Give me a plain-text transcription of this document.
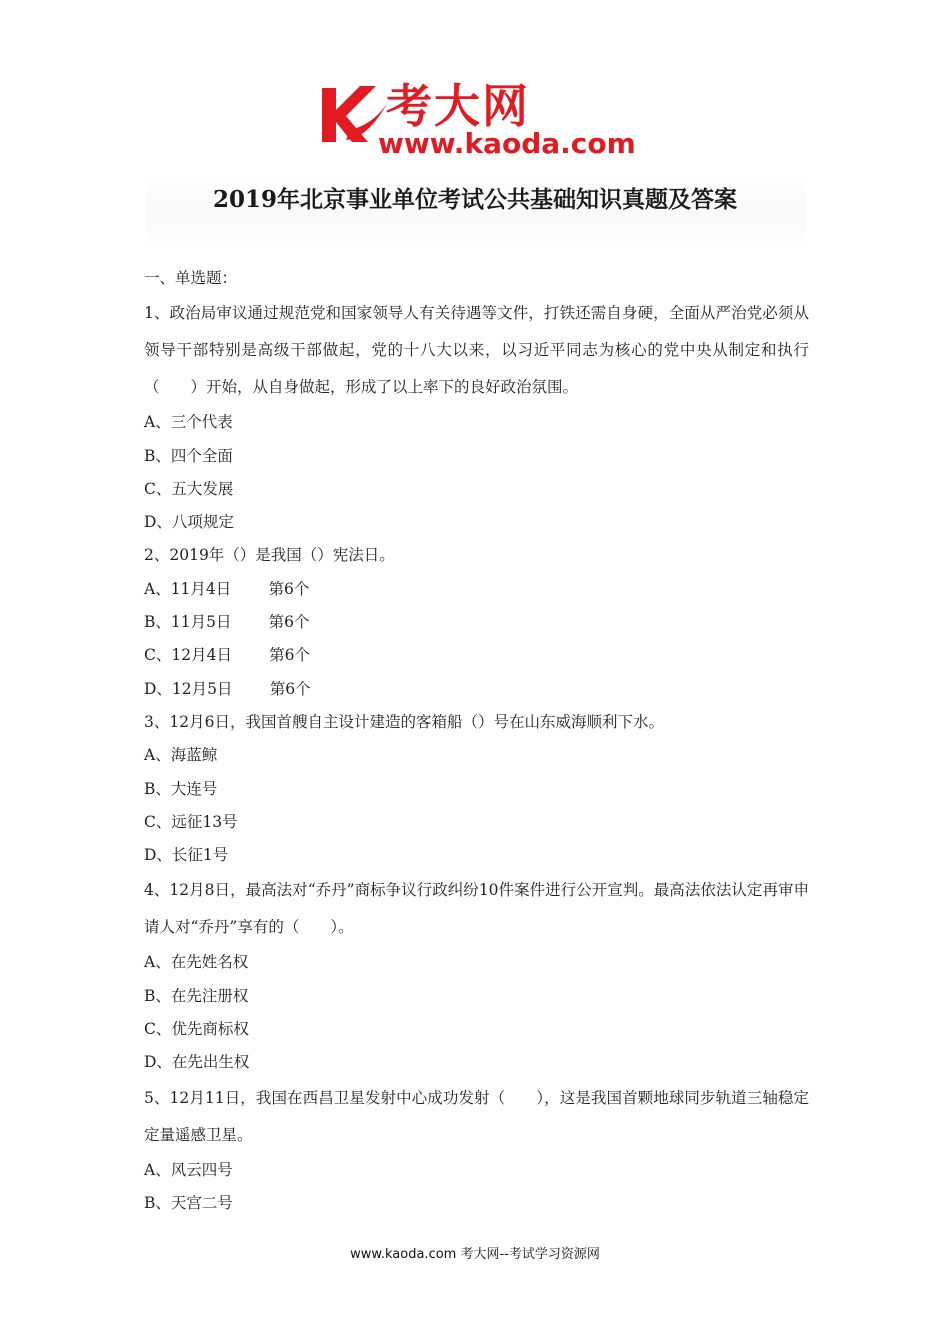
考大网
www.kaoda.com
2019年北京事业单位考试公共基础知识真题及答案
一、单选题：
1、政治局审议通过规范党和国家领导人有关待遇等文件，打铁还需自身硬，全面从严治党必须从领导干部特别是高级干部做起，党的十八大以来，以习近平同志为核心的党中央从制定和执行（　　）开始，从自身做起，形成了以上率下的良好政治氛围。
A、三个代表
B、四个全面
C、五大发展
D、八项规定
2、2019年（）是我国（）宪法日。
A、11月4日 第6个
B、11月5日 第6个
C、12月4日 第6个
D、12月5日 第6个
3、12月6日，我国首艘自主设计建造的客箱船（）号在山东威海顺利下水。
A、海蓝鲸
B、大连号
C、远征13号
D、长征1号
4、12月8日，最高法对“乔丹”商标争议行政纠纷10件案件进行公开宣判。最高法依法认定再审申请人对“乔丹”享有的（　　）。
A、在先姓名权
B、在先注册权
C、优先商标权
D、在先出生权
5、12月11日，我国在西昌卫星发射中心成功发射（　　），这是我国首颗地球同步轨道三轴稳定定量遥感卫星。
A、风云四号
B、天宫二号
www.kaoda.com 考大网--考试学习资源网
